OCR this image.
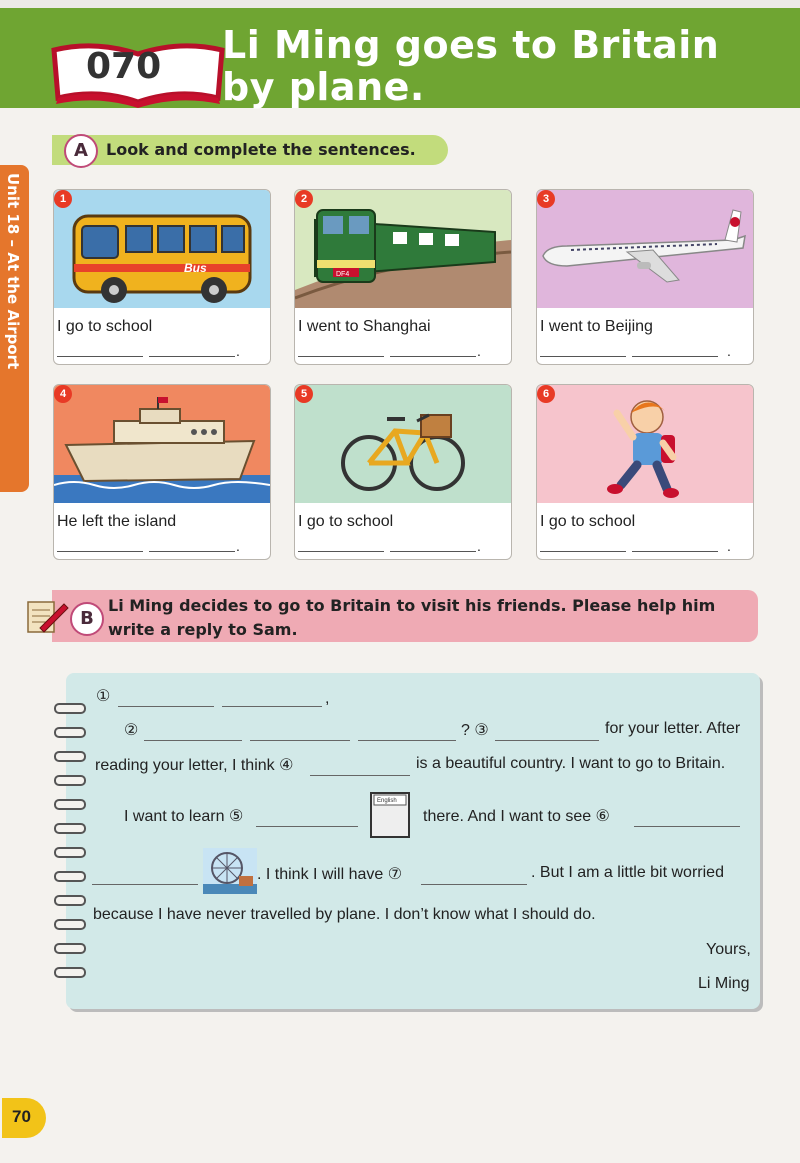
070 Li Ming goes to Britain by plane.
Unit 18 – At the Airport
A	Look and complete the sentences.
Bus
1
I go to school
.
DF4
2
I went to Shanghai
.
3
I went to Beijing
.
4
He left the island
.
5
I go to school
.
6
I go to school
.
B
Li Ming decides to go to Britain to visit his friends. Please help him write a reply to Sam.
①	,
②	? ③	for your letter. After
reading your letter, I think ④	is a beautiful country. I want to go to Britain.
I want to learn ⑤
English
there. And I want to see ⑥
. I think I will have ⑦	. But I am a little bit worried
because I have never travelled by plane. I don’t know what I should do.
Yours,
Li Ming
70
